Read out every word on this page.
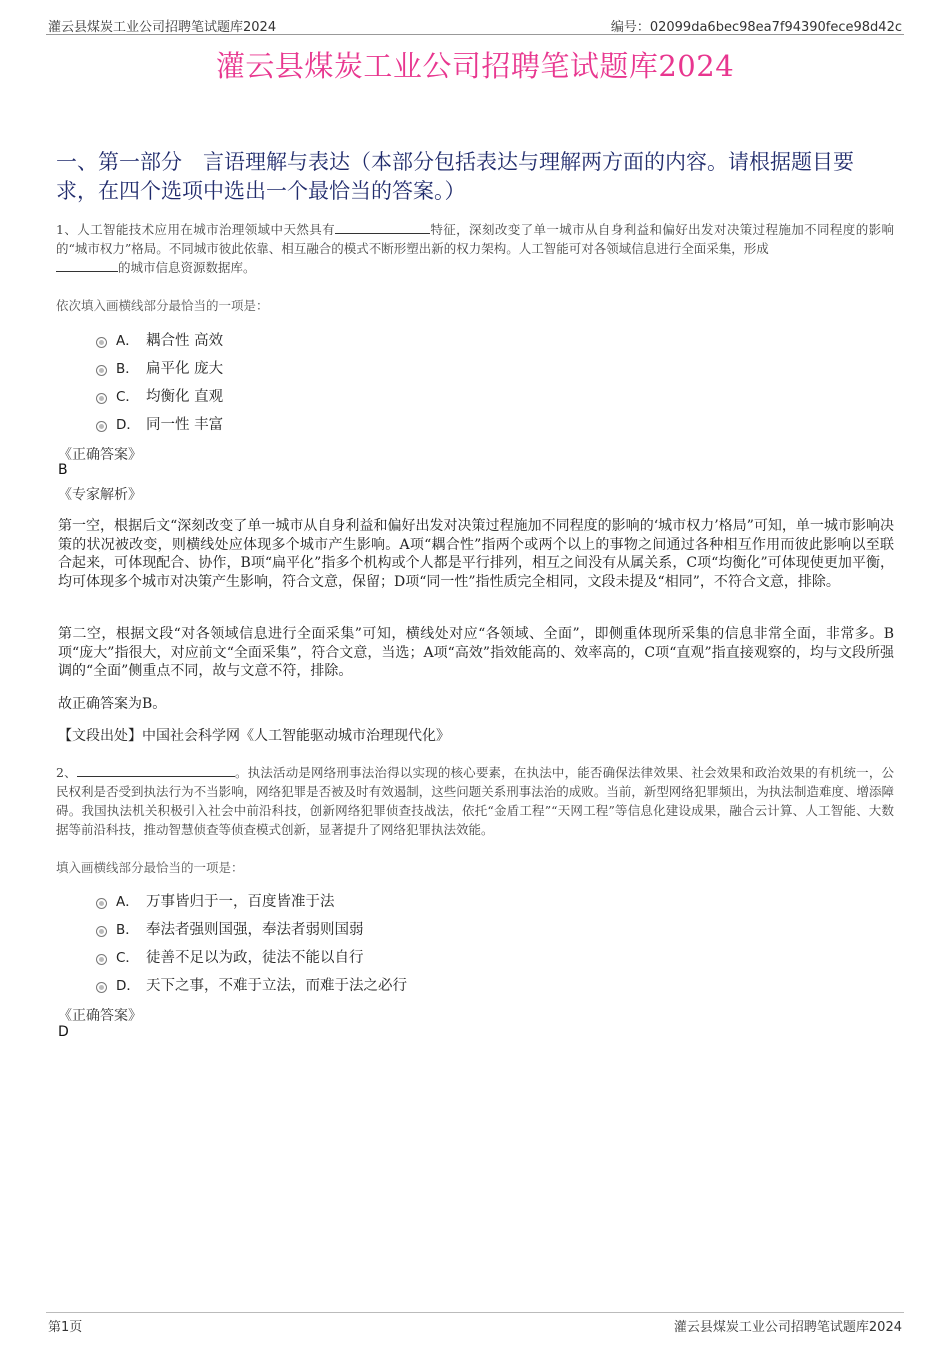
灌云县煤炭工业公司招聘笔试题库2024	编号：02099da6bec98ea7f94390fece98d42c
灌云县煤炭工业公司招聘笔试题库2024
一、第一部分　言语理解与表达（本部分包括表达与理解两方面的内容。请根据题目要求，在四个选项中选出一个最恰当的答案。）
1、人工智能技术应用在城市治理领域中天然具有	特征，深刻改变了单一城市从自身利益和偏好出发对决策过程施加不同程度的影响的“城市权力”格局。不同城市彼此依靠、相互融合的模式不断形塑出新的权力架构。人工智能可对各领域信息进行全面采集，形成
的城市信息资源数据库。
依次填入画横线部分最恰当的一项是：
A． 耦合性 高效
B． 扁平化 庞大
C． 均衡化 直观
D． 同一性 丰富
《正确答案》
B
《专家解析》
第一空，根据后文“深刻改变了单一城市从自身利益和偏好出发对决策过程施加不同程度的影响的‘城市权力’格局”可知，单一城市影响决策的状况被改变，则横线处应体现多个城市产生影响。A项“耦合性”指两个或两个以上的事物之间通过各种相互作用而彼此影响以至联合起来，可体现配合、协作，B项“扁平化”指多个机构或个人都是平行排列，相互之间没有从属关系，C项“均衡化”可体现使更加平衡，均可体现多个城市对决策产生影响，符合文意，保留；D项“同一性”指性质完全相同，文段未提及“相同”，不符合文意，排除。
第二空，根据文段“对各领域信息进行全面采集”可知，横线处对应“各领域、全面”，即侧重体现所采集的信息非常全面，非常多。B项“庞大”指很大，对应前文“全面采集”，符合文意，当选；A项“高效”指效能高的、效率高的，C项“直观”指直接观察的，均与文段所强调的“全面”侧重点不同，故与文意不符，排除。
故正确答案为B。
【文段出处】中国社会科学网《人工智能驱动城市治理现代化》
2、	。执法活动是网络刑事法治得以实现的核心要素，在执法中，能否确保法律效果、社会效果和政治效果的有机统一，公民权利是否受到执法行为不当影响，网络犯罪是否被及时有效遏制，这些问题关系刑事法治的成败。当前，新型网络犯罪频出，为执法制造难度、增添障碍。我国执法机关积极引入社会中前沿科技，创新网络犯罪侦查技战法，依托“金盾工程”“天网工程”等信息化建设成果，融合云计算、人工智能、大数据等前沿科技，推动智慧侦查等侦查模式创新，显著提升了网络犯罪执法效能。
填入画横线部分最恰当的一项是：
A． 万事皆归于一，百度皆准于法
B． 奉法者强则国强，奉法者弱则国弱
C． 徒善不足以为政，徒法不能以自行
D． 天下之事，不难于立法，而难于法之必行
《正确答案》
D
第1页	灌云县煤炭工业公司招聘笔试题库2024
